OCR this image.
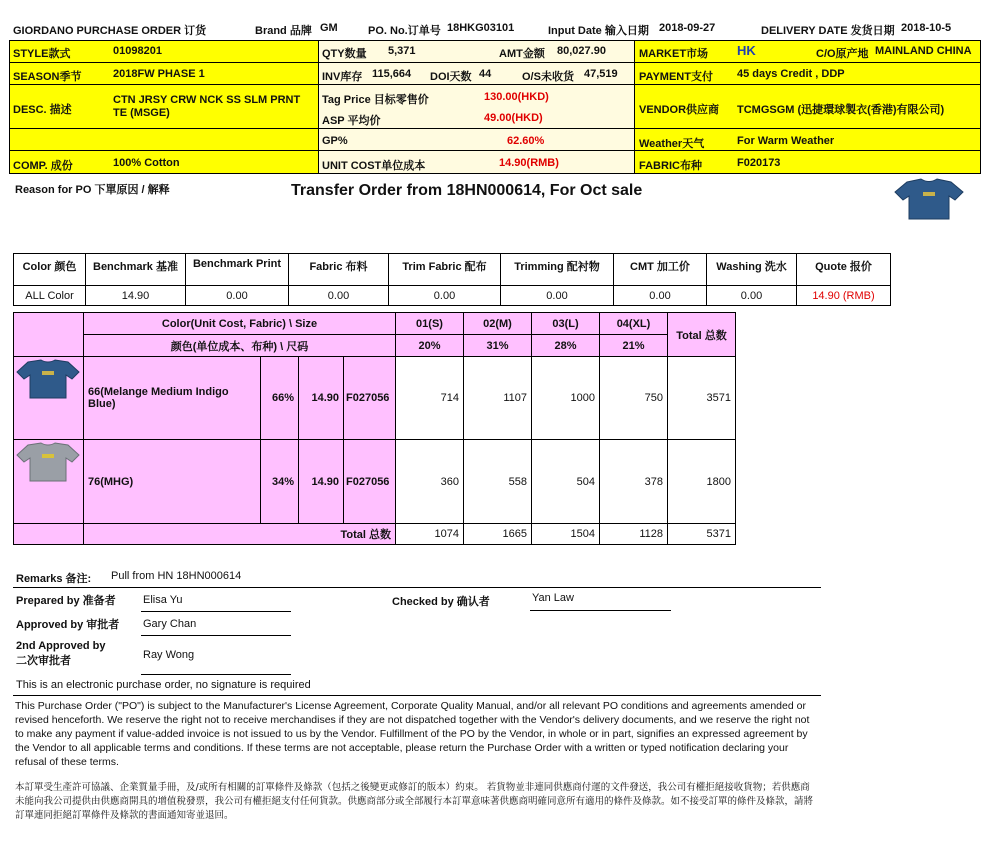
GIORDANO PURCHASE ORDER 订货	Brand 品牌 GM	PO. No.订单号 18HKG03101	Input Date 输入日期 2018-09-27	DELIVERY DATE 发货日期 2018-10-5
STYLE款式	01098201
SEASON季节	2018FW PHASE 1
DESC. 描述
CTN JRSY CRW NCK SS SLM PRNT TE (MSGE)
COMP. 成份	100% Cotton
QTY数量 5,371	AMT金额 80,027.90
INV库存 115,664 DOI天数 44	O/S未收货 47,519
Tag Price 目标零售价	130.00(HKD)
ASP 平均价	49.00(HKD)
GP%	62.60%
UNIT COST单位成本	14.90(RMB)
MARKET市场 HK	C/O原产地 MAINLAND CHINA
PAYMENT支付 45 days Credit , DDP
VENDOR供应商 TCMGSGM (迅捷環球製衣(香港)有限公司)
Weather天气	For Warm Weather
FABRIC布种	F020173
Reason for PO 下單原因 / 解释	Transfer Order from 18HN000614, For Oct sale
Color 颜色	Benchmark 基准	Benchmark Print	Fabric 布料	Trim Fabric 配布	Trimming 配衬物	CMT 加工价	Washing 洗水	Quote 报价
ALL Color	14.90	0.00	0.00	0.00	0.00	0.00	0.00	14.90 (RMB)
	Color(Unit Cost, Fabric) \ Size				01(S)	02(M)	03(L)	04(XL)	Total 总数
	颜色(单位成本、布种) \ 尺码				20%	31%	28%	21%	
	66(Melange Medium Indigo Blue)	66%	14.90	F027056	714	1107	1000	750	3571
	76(MHG)	34%	14.90	F027056	360	558	504	378	1800
	Total 总数				1074	1665	1504	1128	5371
Remarks 备注: Pull from HN 18HN000614
Prepared by 准备者 Elisa Yu	Checked by 确认者	Yan Law
Approved by 审批者 Gary Chan
2nd Approved by
二次审批者	Ray Wong
This is an electronic purchase order, no signature is required
This Purchase Order ("PO") is subject to the Manufacturer's License Agreement, Corporate Quality Manual, and/or all relevant PO conditions and agreements amended or revised henceforth. We reserve the right not to receive merchandises if they are not dispatched together with the Vendor's delivery documents, and we reserve the right not to make any payment if value-added invoice is not issued to us by the Vendor. Fulfillment of the PO by the Vendor, in whole or in part, signifies an expressed agreement by the Vendor to all applicable terms and conditions. If these terms are not acceptable, please return the Purchase Order with a written or typed notification declaring your refusal of these terms.
本訂單受生產許可協議、企業質量手冊，及/或所有相關的訂單條件及條款（包括之後變更或修訂的版本）約束。 若貨物並非連同供應商付運的文件發送，我公司有權拒絕接收貨物；若供應商未能向我公司提供由供應商開具的增值稅發票，我公司有權拒絕支付任何貨款。供應商部分或全部履行本訂單意味著供應商明確同意所有適用的條件及條款。如不接受訂單的條件及條款，請將訂單連同拒絕訂單條件及條款的書面通知寄並退回。
